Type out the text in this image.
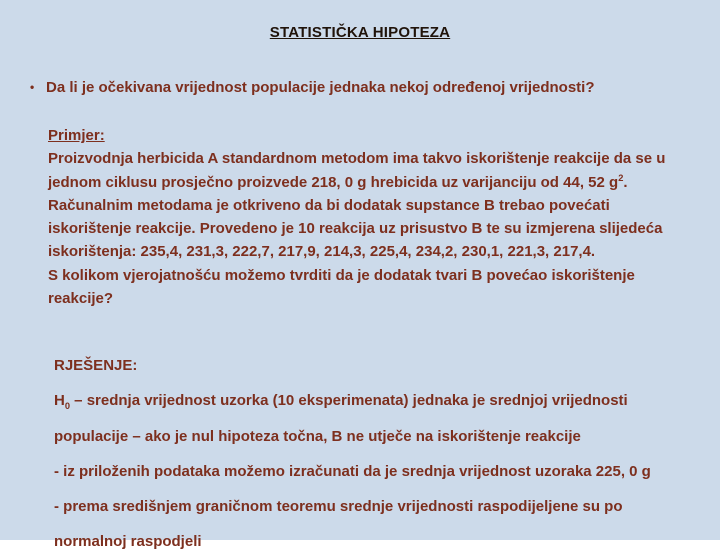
STATISTIČKA HIPOTEZA
• Da li je očekivana vrijednost populacije jednaka nekoj određenoj vrijednosti?

Primjer:
Proizvodnja herbicida A standardnom metodom ima takvo iskorištenje reakcije da se u jednom ciklusu prosječno proizvede 218, 0 g hrebicida uz varijanciju od 44, 52 $g^2$.
Računalnim metodama je otkriveno da bi dodatak supstance B trebao povećati iskorištenje reakcije. Provedeno je 10 reakcija uz prisustvo B te su izmjerena slijedeća iskorištenja: 235,4, 231,3, 222,7, 217,9, 214,3, 225,4, 234,2, 230,1, 221,3, 217,4.
S kolikom vjerojatnošću možemo tvrditi da je dodatak tvari B povećao iskorištenje reakcije?

RJEŠENJE:

$H_0$ – srednja vrijednost uzorka (10 eksperimenata) jednaka je srednjoj vrijednosti populacije – ako je nul hipoteza točna, B ne utječe na iskorištenje reakcije

- iz priloženih podataka možemo izračunati da je srednja vrijednost uzoraka 225, 0 g

- prema središnjem graničnom teoremu srednje vrijednosti raspodijeljene su po normalnoj raspodjeli
